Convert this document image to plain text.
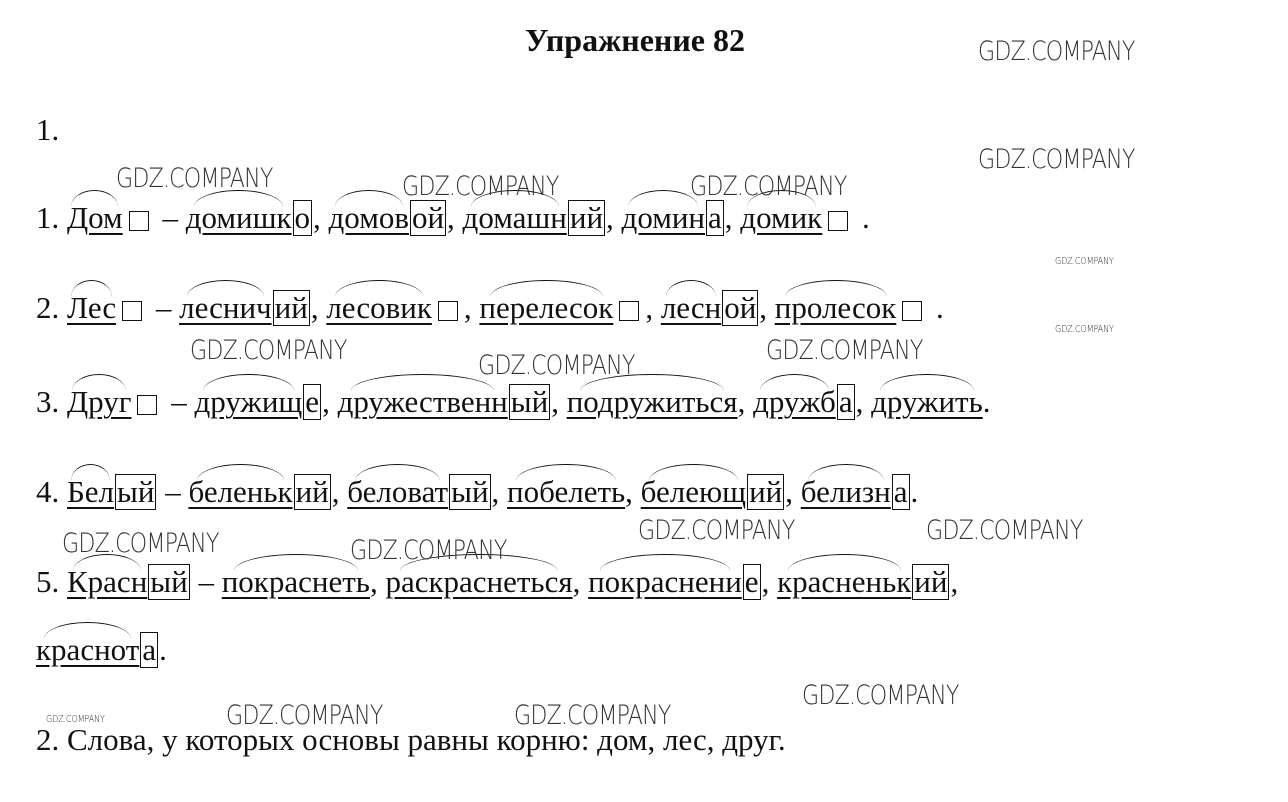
Упражнение 82
1.
1. Дом – домишко, домовой, домашний, домина, домик .
2. Лес – лесничий, лесовик , перелесок , лесной, пролесок .
3. Друг – дружище, дружественный, подружиться, дружба, дружить.
4. Белый – беленький, беловатый, побелеть, белеющий, белизна.
5. Красный – покраснеть, раскраснеться, покраснение, красненький,
краснота.
2. Слова, у которых основы равны корню: дом, лес, друг.
GDZ.COMPANY
GDZ.COMPANY
GDZ.COMPANY	GDZ.COMPANY	GDZ.COMPANY
GDZ.COMPANY
GDZ.COMPANY
GDZ.COMPANY	GDZ.COMPANY
GDZ.COMPANY
GDZ.COMPANY	GDZ.COMPANY
GDZ.COMPANY	GDZ.COMPANY
GDZ.COMPANY
GDZ.COMPANY	GDZ.COMPANY
GDZ.COMPANY
